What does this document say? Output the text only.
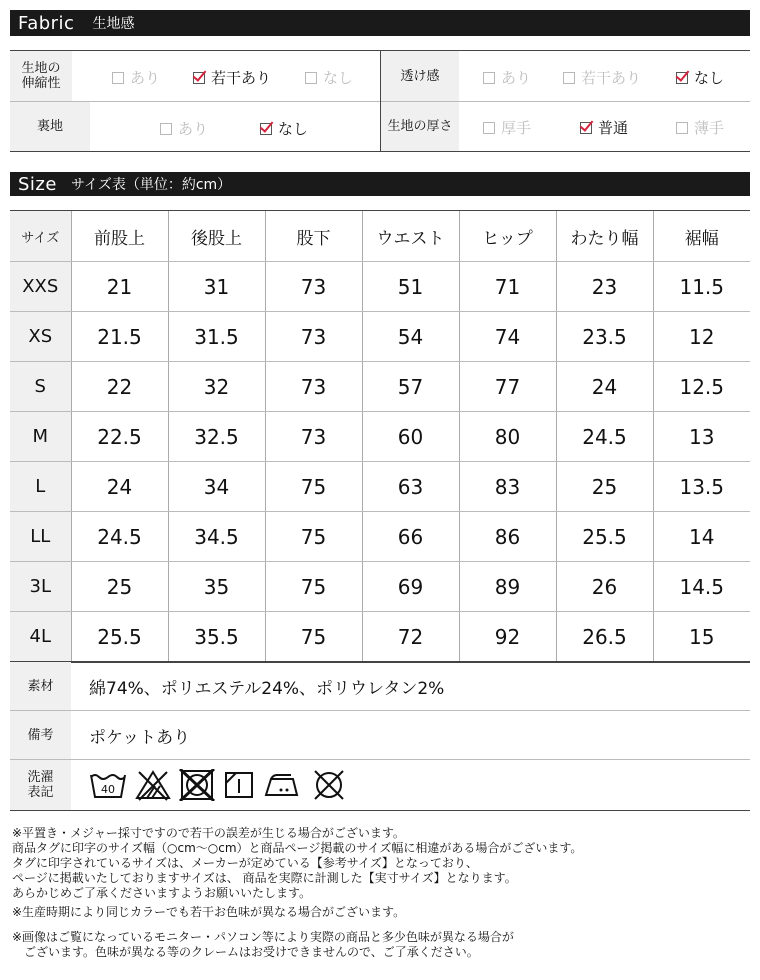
Fabric 生地感
生地の
伸縮性	あり	若干あり	なし	透け感	あり	若干あり	なし
裏地	あり	なし	生地の厚さ	厚手	普通	薄手
Size サイズ表（単位：約cm）
サイズ	前股上	後股上	股下	ウエスト	ヒップ	わたり幅	裾幅
XXS	21	31	73	51	71	23	11.5
XS	21.5	31.5	73	54	74	23.5	12
S	22	32	73	57	77	24	12.5
M	22.5	32.5	73	60	80	24.5	13
L	24	34	75	63	83	25	13.5
LL	24.5	34.5	75	66	86	25.5	14
3L	25	35	75	69	89	26	14.5
4L	25.5	35.5	75	72	92	26.5	15
素材	綿74%、ポリエステル24%、ポリウレタン2%
備考	ポケットあり
洗濯
表記	40

※平置き・メジャー採寸ですので若干の誤差が生じる場合がございます。

商品タグに印字のサイズ幅（○cm〜○cm）と商品ページ掲載のサイズ幅に相違がある場合がございます。

タグに印字されているサイズは、メーカーが定めている【参考サイズ】となっており、

ページに掲載いたしておりますサイズは、 商品を実際に計測した【実寸サイズ】となります。

あらかじめご了承くださいますようお願いいたします。

※生産時期により同じカラーでも若干お色味が異なる場合がございます。

※画像はご覧になっているモニター・パソコン等により実際の商品と多少色味が異なる場合が

　ございます。色味が異なる等のクレームはお受けできませんので、ご了承ください。
